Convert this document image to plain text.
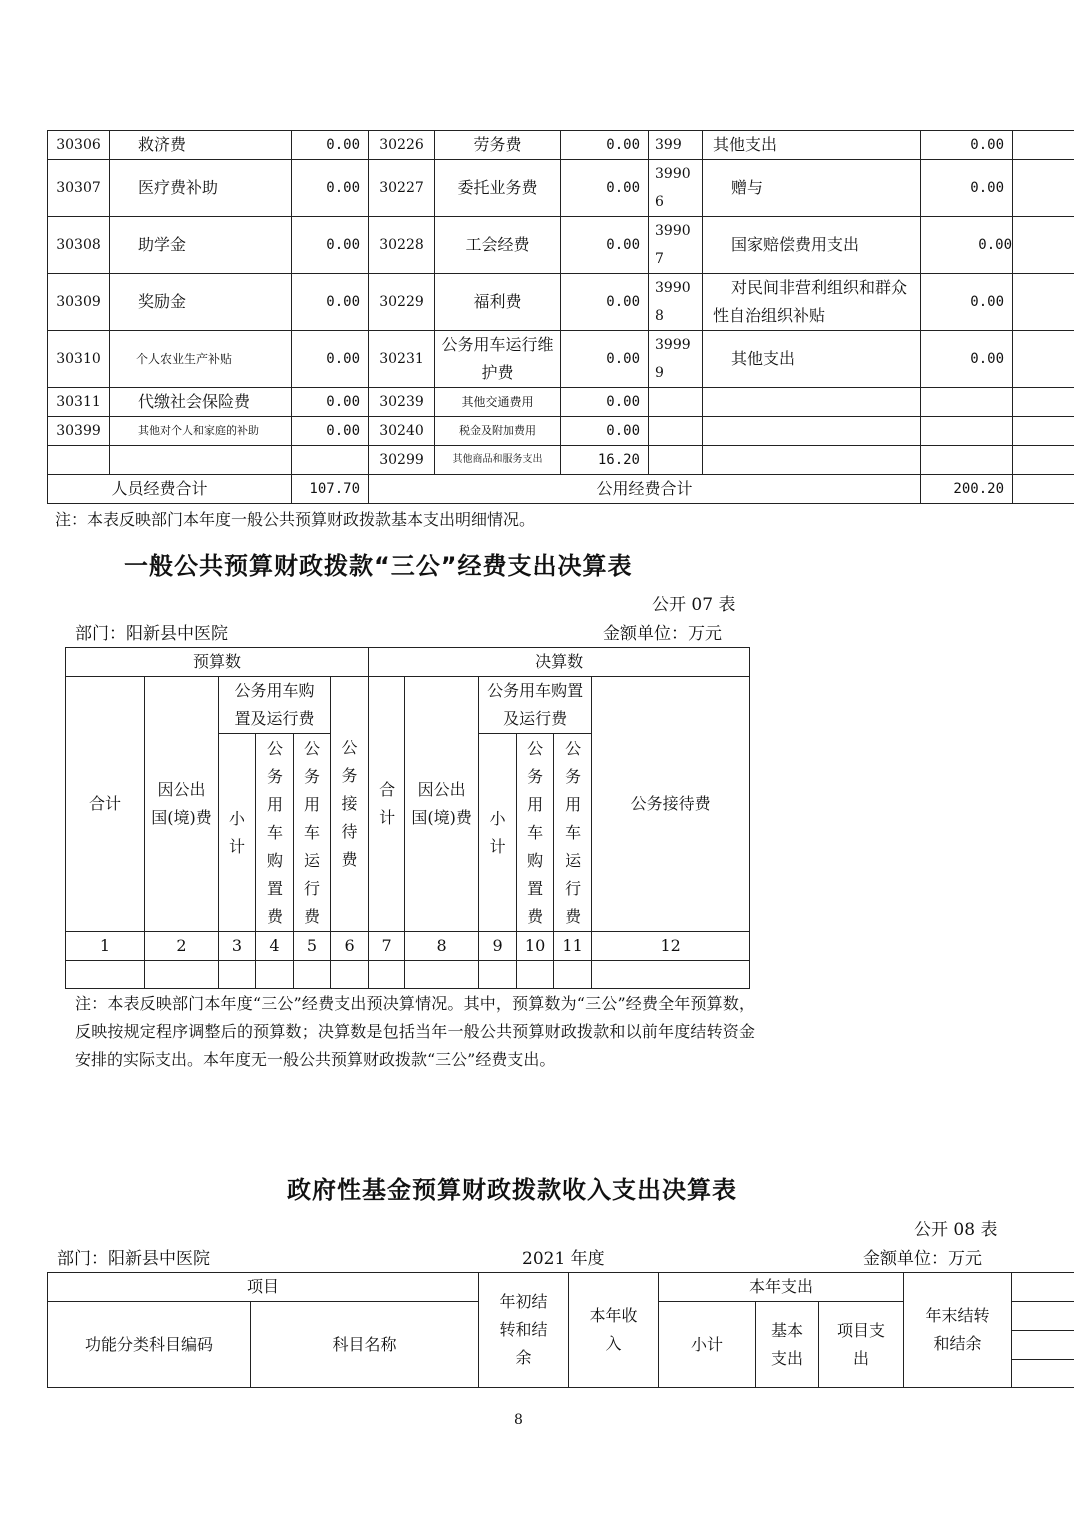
30306	救济费	0.00	30226	劳务费	0.00	399	其他支出	0.00	
30307	医疗费补助	0.00	30227	委托业务费	0.00	39906	赠与	0.00	
30308	助学金	0.00	30228	工会经费	0.00	39907	国家赔偿费用支出	0.00	
30309	奖励金	0.00	30229	福利费	0.00	39908	对民间非营利组织和群众性自治组织补贴	0.00	
30310	个人农业生产补贴	0.00	30231	公务用车运行维护费	0.00	39999	其他支出	0.00	
30311	代缴社会保险费	0.00	30239	其他交通费用	0.00				
30399	其他对个人和家庭的补助	0.00	30240	税金及附加费用	0.00				
			30299	其他商品和服务支出	16.20				
人员经费合计		107.70	公用经费合计					200.20	
注：本表反映部门本年度一般公共预算财政拨款基本支出明细情况。
一般公共预算财政拨款“三公”经费支出决算表
公开 07 表
部门：阳新县中医院	金额单位：万元
预算数						决算数					
合计	因公出国(境)费	公务用车购置及运行费			公务接待费	合计	因公出国(境)费	公务用车购置及运行费			公务接待费
		小计	公务用车购置费	公务用车运行费				小计	公务用车购置费	公务用车运行费	
1	2	3	4	5	6	7	8	9	10	11	12

注：本表反映部门本年度“三公”经费支出预决算情况。其中，预算数为“三公”经费全年预算数，反映按规定程序调整后的预算数；决算数是包括当年一般公共预算财政拨款和以前年度结转资金安排的实际支出。本年度无一般公共预算财政拨款“三公”经费支出。
政府性基金预算财政拨款收入支出决算表
公开 08 表
部门：阳新县中医院	2021 年度	金额单位：万元
项目		年初结转和结余	本年收入	本年支出			年末结转和结余	
功能分类科目编码	科目名称			小计	基本支出	项目支出		
8
